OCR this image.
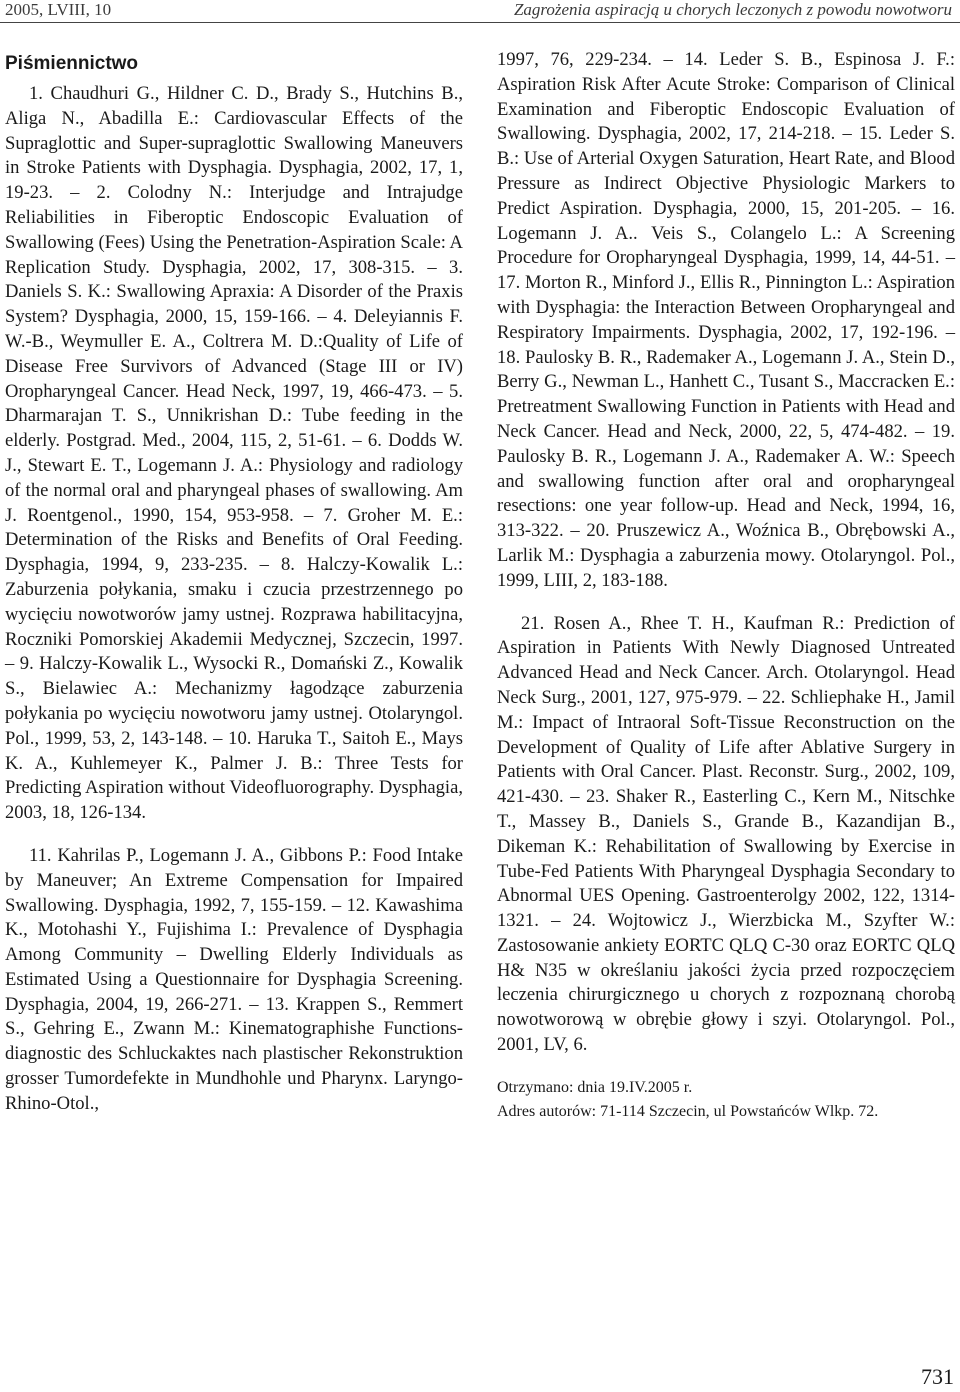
2005, LVIII, 10	Zagrożenia aspiracją u chorych leczonych z powodu nowotworu
Piśmiennictwo

1. Chaudhuri G., Hildner C. D., Brady S., Hutchins B., Aliga N., Abadilla E.: Cardiovascular Effects of the Supraglottic and Super-supraglottic Swallowing Maneuvers in Stroke Patients with Dysphagia. Dysphagia, 2002, 17, 1, 19-23. – 2. Colodny N.: Interjudge and Intrajudge Reliabilities in Fiberoptic Endoscopic Evaluation of Swallowing (Fees) Using the Penetration-Aspiration Scale: A Replication Study. Dysphagia, 2002, 17, 308-315. – 3. Daniels S. K.: Swallowing Apraxia: A Disorder of the Praxis System? Dysphagia, 2000, 15, 159-166. – 4. Deleyiannis F. W.-B., Weymuller E. A., Coltrera M. D.:Quality of Life of Disease Free Survivors of Advanced (Stage III or IV) Oropharyngeal Cancer. Head Neck, 1997, 19, 466-473. – 5. Dharmarajan T. S., Unnikrishan D.: Tube feeding in the elderly. Postgrad. Med., 2004, 115, 2, 51-61. – 6. Dodds W. J., Stewart E. T., Logemann J. A.: Physiology and radiology of the normal oral and pharyngeal phases of swallowing. Am J. Roentgenol., 1990, 154, 953-958. – 7. Groher M. E.: Determination of the Risks and Benefits of Oral Feeding. Dysphagia, 1994, 9, 233-235. – 8. Halczy-Kowalik L.: Zaburzenia połykania, smaku i czucia przestrzennego po wycięciu nowotworów jamy ustnej. Rozprawa habilitacyjna, Roczniki Pomorskiej Akademii Medycznej, Szczecin, 1997. – 9. Halczy-Kowalik L., Wysocki R., Domański Z., Kowalik S., Bielawiec A.: Mechanizmy łagodzące zaburzenia połykania po wycięciu nowotworu jamy ustnej. Otolaryngol. Pol., 1999, 53, 2, 143-148. – 10. Haruka T., Saitoh E., Mays K. A., Kuhlemeyer K., Palmer J. B.: Three Tests for Predicting Aspiration without Videofluorography. Dysphagia, 2003, 18, 126-134.

11. Kahrilas P., Logemann J. A., Gibbons P.: Food Intake by Maneuver; An Extreme Compensation for Impaired Swallowing. Dysphagia, 1992, 7, 155-159. – 12. Kawashima K., Motohashi Y., Fujishima I.: Prevalence of Dysphagia Among Community – Dwelling Elderly Individuals as Estimated Using a Questionnaire for Dysphagia Screening. Dysphagia, 2004, 19, 266-271. – 13. Krappen S., Remmert S., Gehring E., Zwann M.: Kinematographishe Functions-diagnostic des Schluckaktes nach plastischer Rekonstruktion grosser Tumordefekte in Mundhohle und Pharynx. Laryngo-Rhino-Otol.,

1997, 76, 229-234. – 14. Leder S. B., Espinosa J. F.: Aspiration Risk After Acute Stroke: Comparison of Clinical Examination and Fiberoptic Endoscopic Evaluation of Swallowing. Dysphagia, 2002, 17, 214-218. – 15. Leder S. B.: Use of Arterial Oxygen Saturation, Heart Rate, and Blood Pressure as Indirect Objective Physiologic Markers to Predict Aspiration. Dysphagia, 2000, 15, 201-205. – 16. Logemann J. A.. Veis S., Colangelo L.: A Screening Procedure for Oropharyngeal Dysphagia, 1999, 14, 44-51. – 17. Morton R., Minford J., Ellis R., Pinnington L.: Aspiration with Dysphagia: the Interaction Between Oropharyngeal and Respiratory Impairments. Dysphagia, 2002, 17, 192-196. – 18. Paulosky B. R., Rademaker A., Logemann J. A., Stein D., Berry G., Newman L., Hanhett C., Tusant S., Maccracken E.: Pretreatment Swallowing Function in Patients with Head and Neck Cancer. Head and Neck, 2000, 22, 5, 474-482. – 19. Paulosky B. R., Logemann J. A., Rademaker A. W.: Speech and swallowing function after oral and oropharyngeal resections: one year follow-up. Head and Neck, 1994, 16, 313-322. – 20. Pruszewicz A., Woźnica B., Obrębowski A., Larlik M.: Dysphagia a zaburzenia mowy. Otolaryngol. Pol., 1999, LIII, 2, 183-188.

21. Rosen A., Rhee T. H., Kaufman R.: Prediction of Aspiration in Patients With Newly Diagnosed Untreated Advanced Head and Neck Cancer. Arch. Otolaryngol. Head Neck Surg., 2001, 127, 975-979. – 22. Schliephake H., Jamil M.: Impact of Intraoral Soft-Tissue Reconstruction on the Development of Quality of Life after Ablative Surgery in Patients with Oral Cancer. Plast. Reconstr. Surg., 2002, 109, 421-430. – 23. Shaker R., Easterling C., Kern M., Nitschke T., Massey B., Daniels S., Grande B., Kazandijan B., Dikeman K.: Rehabilitation of Swallowing by Exercise in Tube-Fed Patients With Pharyngeal Dysphagia Secondary to Abnormal UES Opening. Gastroenterolgy 2002, 122, 1314-1321. – 24. Wojtowicz J., Wierzbicka M., Szyfter W.: Zastosowanie ankiety EORTC QLQ C-30 oraz EORTC QLQ H& N35 w określaniu jakości życia przed rozpoczęciem leczenia chirurgicznego u chorych z rozpoznaną chorobą nowotworową w obrębie głowy i szyi. Otolaryngol. Pol., 2001, LV, 6.

Otrzymano: dnia 19.IV.2005 r.

Adres autorów: 71-114 Szczecin, ul Powstańców Wlkp. 72.

731
